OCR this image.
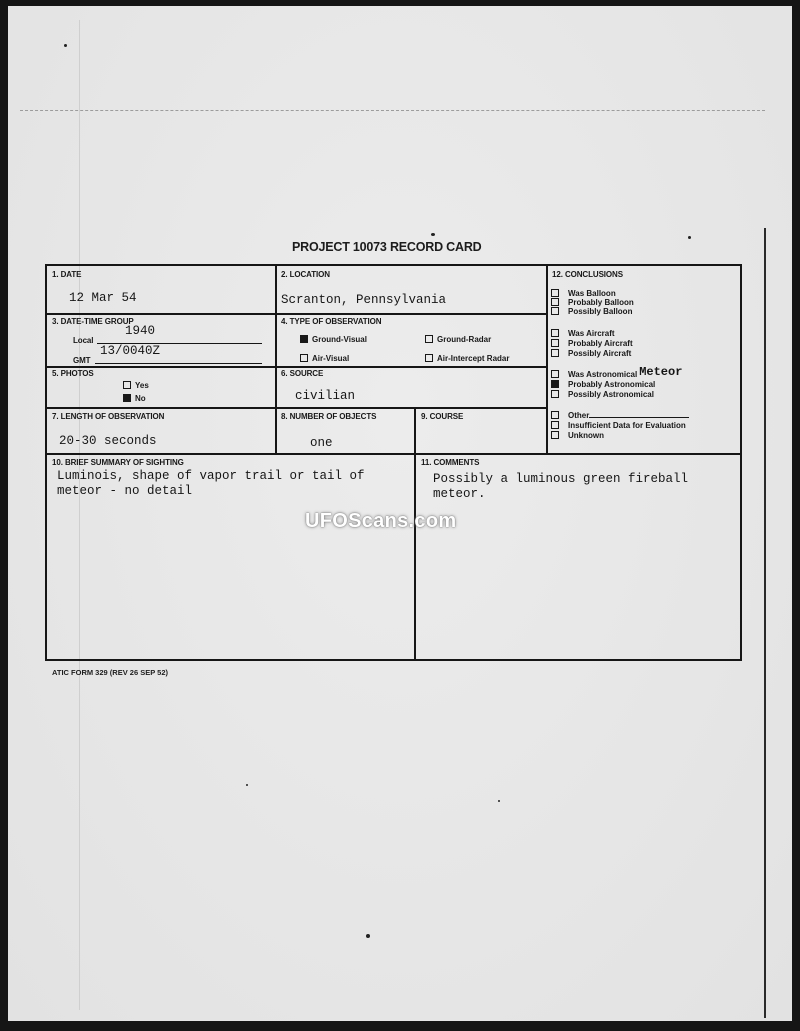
PROJECT 10073 RECORD CARD
1. DATE
12 Mar 54
2. LOCATION
Scranton, Pennsylvania
3. DATE-TIME GROUP
Local
1940
GMT
13/0040Z
4. TYPE OF OBSERVATION
Ground-Visual	Ground-Radar
Air-Visual	Air-Intercept Radar
5. PHOTOS
Yes
No
6. SOURCE
civilian
7. LENGTH OF OBSERVATION
20-30 seconds
8. NUMBER OF OBJECTS
one
9. COURSE
10. BRIEF SUMMARY OF SIGHTING
Luminois, shape of vapor trail or tail of
meteor - no detail
11. COMMENTS
Possibly a luminous green fireball
meteor.
12. CONCLUSIONS
Was Balloon
Probably Balloon
Possibly Balloon
Was Aircraft
Probably Aircraft
Possibly Aircraft
Was Astronomical Meteor
Probably Astronomical
Possibly Astronomical
Other
Insufficient Data for Evaluation
Unknown
UFOScans.com
ATIC FORM 329 (REV 26 SEP 52)
